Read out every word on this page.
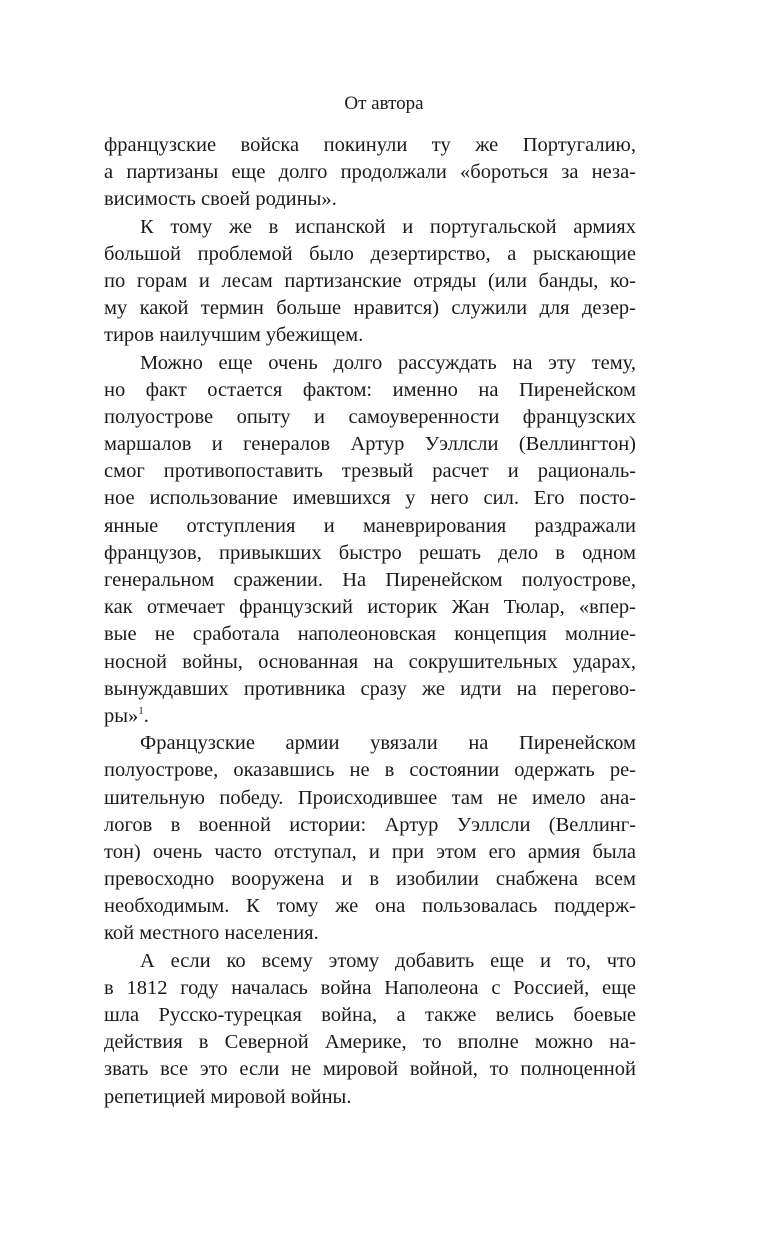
От автора
французские войска покинули ту же Португалию,
а партизаны еще долго продолжали «бороться за неза-
висимость своей родины».
К тому же в испанской и португальской армиях
большой проблемой было дезертирство, а рыскающие
по горам и лесам партизанские отряды (или банды, ко-
му какой термин больше нравится) служили для дезер-
тиров наилучшим убежищем.
Можно еще очень долго рассуждать на эту тему,
но факт остается фактом: именно на Пиренейском
полуострове опыту и самоуверенности французских
маршалов и генералов Артур Уэллсли (Веллингтон)
смог противопоставить трезвый расчет и рациональ-
ное использование имевшихся у него сил. Его посто-
янные отступления и маневрирования раздражали
французов, привыкших быстро решать дело в одном
генеральном сражении. На Пиренейском полуострове,
как отмечает французский историк Жан Тюлар, «впер-
вые не сработала наполеоновская концепция молние-
носной войны, основанная на сокрушительных ударах,
вынуждавших противника сразу же идти на перегово-
ры»$^1$.
Французские армии увязали на Пиренейском
полуострове, оказавшись не в состоянии одержать ре-
шительную победу. Происходившее там не имело ана-
логов в военной истории: Артур Уэллсли (Веллинг-
тон) очень часто отступал, и при этом его армия была
превосходно вооружена и в изобилии снабжена всем
необходимым. К тому же она пользовалась поддерж-
кой местного населения.
А если ко всему этому добавить еще и то, что
в 1812 году началась война Наполеона с Россией, еще
шла Русско-турецкая война, а также велись боевые
действия в Северной Америке, то вполне можно на-
звать все это если не мировой войной, то полноценной
репетицией мировой войны.
